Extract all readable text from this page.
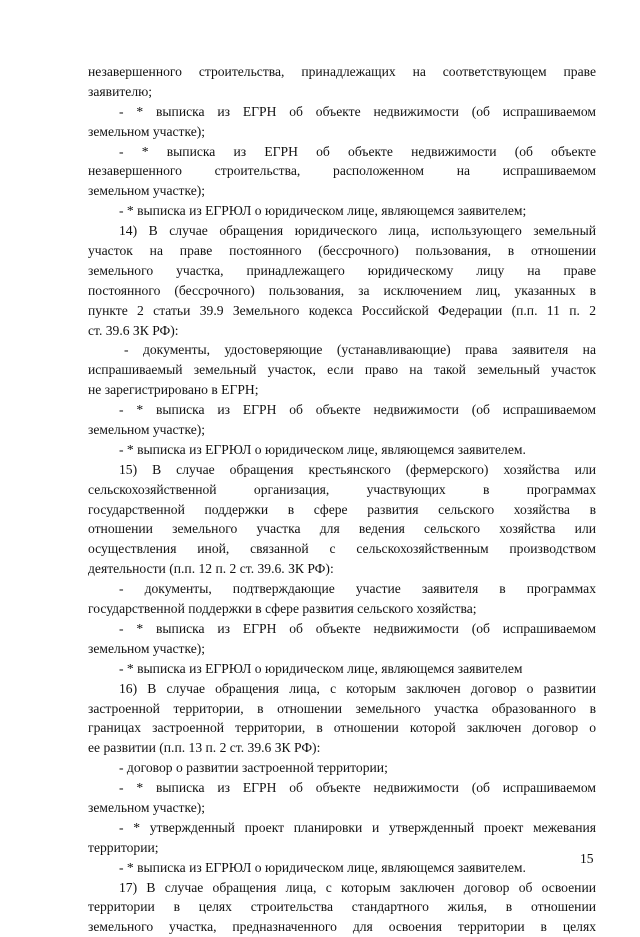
незавершенного строительства, принадлежащих на соответствующем праве

заявителю;

- * выписка из ЕГРН об объекте недвижимости (об испрашиваемом

земельном участке);

- * выписка из ЕГРН об объекте недвижимости (об объекте

незавершенного строительства, расположенном на испрашиваемом

земельном участке);

- * выписка из ЕГРЮЛ о юридическом лице, являющемся заявителем;

14) В случае обращения юридического лица, использующего земельный

участок на праве постоянного (бессрочного) пользования, в отношении

земельного участка, принадлежащего юридическому лицу на праве

постоянного (бессрочного) пользования, за исключением лиц, указанных в

пункте 2 статьи 39.9 Земельного кодекса Российской Федерации (п.п. 11 п. 2

ст. 39.6 ЗК РФ):

- документы, удостоверяющие (устанавливающие) права заявителя на

испрашиваемый земельный участок, если право на такой земельный участок

не зарегистрировано в ЕГРН;

- * выписка из ЕГРН об объекте недвижимости (об испрашиваемом

земельном участке);

- * выписка из ЕГРЮЛ о юридическом лице, являющемся заявителем.

15) В случае обращения крестьянского (фермерского) хозяйства или

сельскохозяйственной организация, участвующих в программах

государственной поддержки в сфере развития сельского хозяйства в

отношении земельного участка для ведения сельского хозяйства или

осуществления иной, связанной с сельскохозяйственным производством

деятельности (п.п. 12 п. 2 ст. 39.6. ЗК РФ):

- документы, подтверждающие участие заявителя в программах

государственной поддержки в сфере развития сельского хозяйства;

- * выписка из ЕГРН об объекте недвижимости (об испрашиваемом

земельном участке);

- * выписка из ЕГРЮЛ о юридическом лице, являющемся заявителем

16) В случае обращения лица, с которым заключен договор о развитии

застроенной территории, в отношении земельного участка образованного в

границах застроенной территории, в отношении которой заключен договор о

ее развитии (п.п. 13 п. 2 ст. 39.6 ЗК РФ):

- договор о развитии застроенной территории;

- * выписка из ЕГРН об объекте недвижимости (об испрашиваемом

земельном участке);

- * утвержденный проект планировки и утвержденный проект межевания

территории;

- * выписка из ЕГРЮЛ о юридическом лице, являющемся заявителем.

17) В случае обращения лица, с которым заключен договор об освоении

территории в целях строительства стандартного жилья, в отношении

земельного участка, предназначенного для освоения территории в целях

15
